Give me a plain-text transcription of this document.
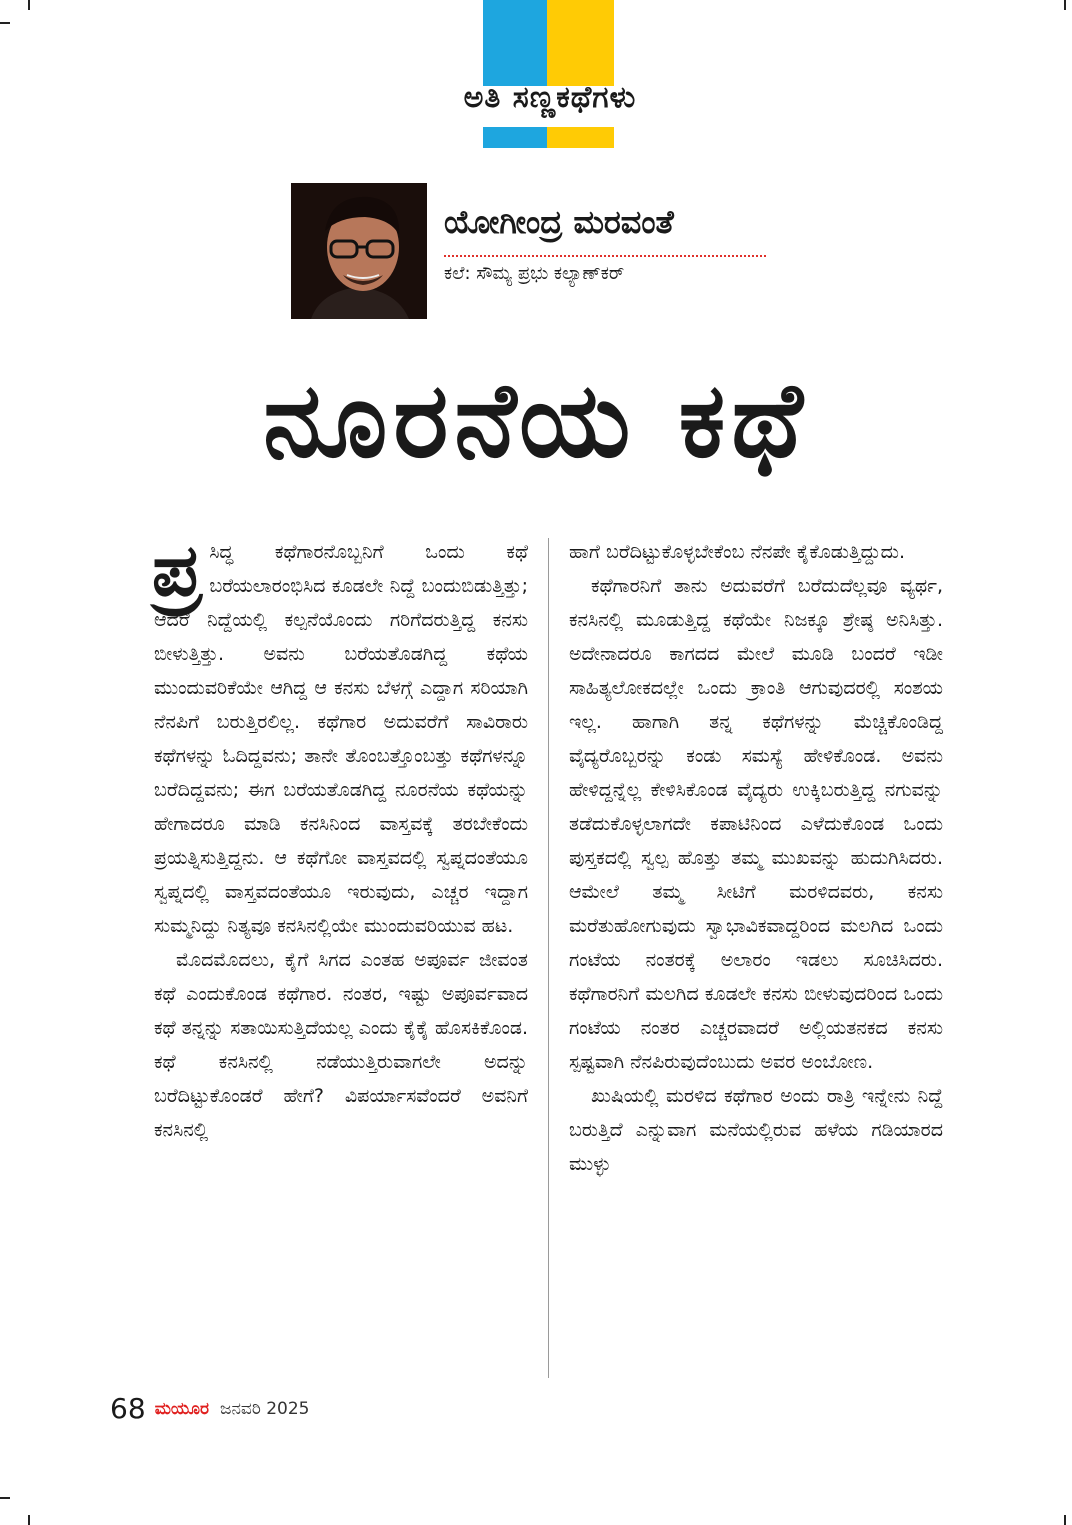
ಅತಿ ಸಣ್ಣಕಥೆಗಳು
ಯೋಗೀಂದ್ರ ಮರವಂತೆ
ಕಲೆ: ಸೌಮ್ಯ ಪ್ರಭು ಕಲ್ಯಾಣ್‌ಕರ್
ನೂರನೆಯ ಕಥೆ

ಪ್ರ ಸಿದ್ಧ ಕಥೆಗಾರನೊಬ್ಬನಿಗೆ ಒಂದು ಕಥೆ ಬರೆಯಲಾರಂಭಿಸಿದ ಕೂಡಲೇ ನಿದ್ದೆ ಬಂದುಬಿಡುತ್ತಿತ್ತು; ಆದರೆ ನಿದ್ದೆಯಲ್ಲಿ ಕಲ್ಪನೆಯೊಂದು ಗರಿಗೆದರುತ್ತಿದ್ದ ಕನಸು ಬೀಳುತ್ತಿತ್ತು. ಅವನು ಬರೆಯತೊಡಗಿದ್ದ ಕಥೆಯ ಮುಂದುವರಿಕೆಯೇ ಆಗಿದ್ದ ಆ ಕನಸು ಬೆಳಗ್ಗೆ ಎದ್ದಾಗ ಸರಿಯಾಗಿ ನೆನಪಿಗೆ ಬರುತ್ತಿರಲಿಲ್ಲ. ಕಥೆಗಾರ ಅದುವರೆಗೆ ಸಾವಿರಾರು ಕಥೆಗಳನ್ನು ಓದಿದ್ದವನು; ತಾನೇ ತೊಂಬತ್ತೊಂಬತ್ತು ಕಥೆಗಳನ್ನೂ ಬರೆದಿದ್ದವನು; ಈಗ ಬರೆಯತೊಡಗಿದ್ದ ನೂರನೆಯ ಕಥೆಯನ್ನು ಹೇಗಾದರೂ ಮಾಡಿ ಕನಸಿನಿಂದ ವಾಸ್ತವಕ್ಕೆ ತರಬೇಕೆಂದು ಪ್ರಯತ್ನಿಸುತ್ತಿದ್ದನು. ಆ ಕಥೆಗೋ ವಾಸ್ತವದಲ್ಲಿ ಸ್ವಪ್ನದಂತೆಯೂ ಸ್ವಪ್ನದಲ್ಲಿ ವಾಸ್ತವದಂತೆಯೂ ಇರುವುದು, ಎಚ್ಚರ ಇದ್ದಾಗ ಸುಮ್ಮನಿದ್ದು ನಿತ್ಯವೂ ಕನಸಿನಲ್ಲಿಯೇ ಮುಂದುವರಿಯುವ ಹಟ.

ಮೊದಮೊದಲು, ಕೈಗೆ ಸಿಗದ ಎಂತಹ ಅಪೂರ್ವ ಜೀವಂತ ಕಥೆ ಎಂದುಕೊಂಡ ಕಥೆಗಾರ. ನಂತರ, ಇಷ್ಟು ಅಪೂರ್ವವಾದ ಕಥೆ ತನ್ನನ್ನು ಸತಾಯಿಸುತ್ತಿದೆಯಲ್ಲ ಎಂದು ಕೈಕೈ ಹೊಸಕಿಕೊಂಡ. ಕಥೆ ಕನಸಿನಲ್ಲಿ ನಡೆಯುತ್ತಿರುವಾಗಲೇ ಅದನ್ನು ಬರೆದಿಟ್ಟುಕೊಂಡರೆ ಹೇಗೆ? ವಿಪರ್ಯಾಸವೆಂದರೆ ಅವನಿಗೆ ಕನಸಿನಲ್ಲಿ

ಹಾಗೆ ಬರೆದಿಟ್ಟುಕೊಳ್ಳಬೇಕೆಂಬ ನೆನಪೇ ಕೈಕೊಡುತ್ತಿದ್ದುದು.

ಕಥೆಗಾರನಿಗೆ ತಾನು ಅದುವರೆಗೆ ಬರೆದುದೆಲ್ಲವೂ ವ್ಯರ್ಥ, ಕನಸಿನಲ್ಲಿ ಮೂಡುತ್ತಿದ್ದ ಕಥೆಯೇ ನಿಜಕ್ಕೂ ಶ್ರೇಷ್ಠ ಅನಿಸಿತ್ತು. ಅದೇನಾದರೂ ಕಾಗದದ ಮೇಲೆ ಮೂಡಿ ಬಂದರೆ ಇಡೀ ಸಾಹಿತ್ಯಲೋಕದಲ್ಲೇ ಒಂದು ಕ್ರಾಂತಿ ಆಗುವುದರಲ್ಲಿ ಸಂಶಯ ಇಲ್ಲ. ಹಾಗಾಗಿ ತನ್ನ ಕಥೆಗಳನ್ನು ಮೆಚ್ಚಿಕೊಂಡಿದ್ದ ವೈದ್ಯರೊಬ್ಬರನ್ನು ಕಂಡು ಸಮಸ್ಯೆ ಹೇಳಿಕೊಂಡ. ಅವನು ಹೇಳಿದ್ದನ್ನೆಲ್ಲ ಕೇಳಿಸಿಕೊಂಡ ವೈದ್ಯರು ಉಕ್ಕಿಬರುತ್ತಿದ್ದ ನಗುವನ್ನು ತಡೆದುಕೊಳ್ಳಲಾಗದೇ ಕಪಾಟಿನಿಂದ ಎಳೆದುಕೊಂಡ ಒಂದು ಪುಸ್ತಕದಲ್ಲಿ ಸ್ವಲ್ಪ ಹೊತ್ತು ತಮ್ಮ ಮುಖವನ್ನು ಹುದುಗಿಸಿದರು. ಆಮೇಲೆ ತಮ್ಮ ಸೀಟಿಗೆ ಮರಳಿದವರು, ಕನಸು ಮರೆತುಹೋಗುವುದು ಸ್ವಾಭಾವಿಕವಾದ್ದರಿಂದ ಮಲಗಿದ ಒಂದು ಗಂಟೆಯ ನಂತರಕ್ಕೆ ಅಲಾರಂ ಇಡಲು ಸೂಚಿಸಿದರು. ಕಥೆಗಾರನಿಗೆ ಮಲಗಿದ ಕೂಡಲೇ ಕನಸು ಬೀಳುವುದರಿಂದ ಒಂದು ಗಂಟೆಯ ನಂತರ ಎಚ್ಚರವಾದರೆ ಅಲ್ಲಿಯತನಕದ ಕನಸು ಸ್ಪಷ್ಟವಾಗಿ ನೆನಪಿರುವುದೆಂಬುದು ಅವರ ಅಂಬೋಣ.

ಖುಷಿಯಲ್ಲಿ ಮರಳಿದ ಕಥೆಗಾರ ಅಂದು ರಾತ್ರಿ ಇನ್ನೇನು ನಿದ್ದೆ ಬರುತ್ತಿದೆ ಎನ್ನುವಾಗ ಮನೆಯಲ್ಲಿರುವ ಹಳೆಯ ಗಡಿಯಾರದ ಮುಳ್ಳು

68 ಮಯೂರ ಜನವರಿ 2025
